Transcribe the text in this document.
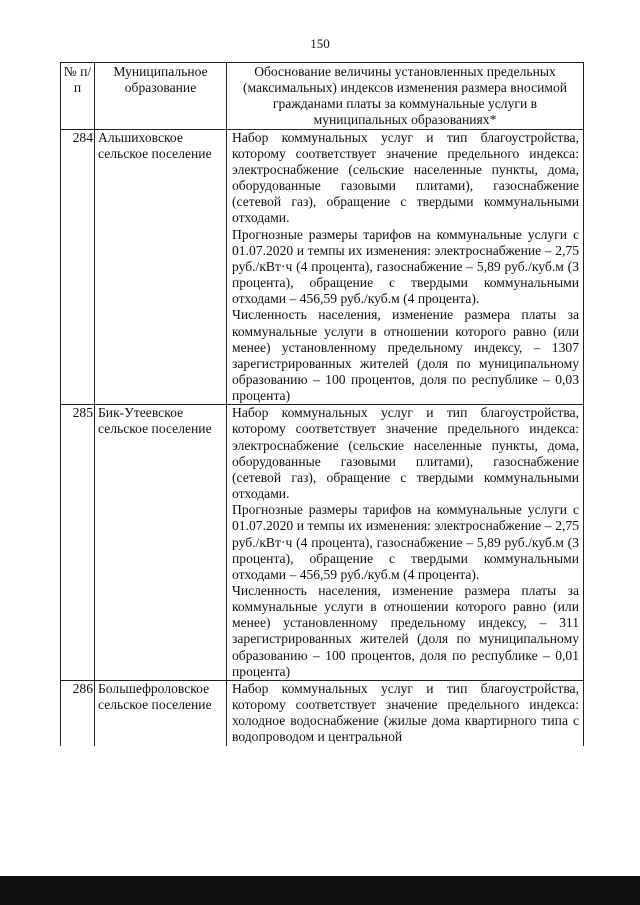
150
№ п/п	Муниципальное образование	Обоснование величины установленных предельных (максимальных) индексов изменения размера вносимой гражданами платы за коммунальные услуги в муниципальных образованиях*
284	Альшиховское сельское поселение	Набор коммунальных услуг и тип благоустройства, которому соответствует значение предельного индекса: электроснабжение (сельские населенные пункты, дома, оборудованные газовыми плитами), газоснабжение (сетевой газ), обращение с твердыми коммунальными отходами.
Прогнозные размеры тарифов на коммунальные услуги с 01.07.2020 и темпы их изменения: электроснабжение – 2,75 руб./кВт·ч (4 процента), газоснабжение – 5,89 руб./куб.м (3 процента), обращение с твердыми коммунальными отходами – 456,59 руб./куб.м (4 процента).
Численность населения, изменение размера платы за коммунальные услуги в отношении которого равно (или менее) установленному предельному индексу, – 1307 зарегистрированных жителей (доля по муниципальному образованию – 100 процентов, доля по республике – 0,03 процента)

285	Бик-Утеевское сельское поселение	Набор коммунальных услуг и тип благоустройства, которому соответствует значение предельного индекса: электроснабжение (сельские населенные пункты, дома, оборудованные газовыми плитами), газоснабжение (сетевой газ), обращение с твердыми коммунальными отходами.
Прогнозные размеры тарифов на коммунальные услуги с 01.07.2020 и темпы их изменения: электроснабжение – 2,75 руб./кВт·ч (4 процента), газоснабжение – 5,89 руб./куб.м (3 процента), обращение с твердыми коммунальными отходами – 456,59 руб./куб.м (4 процента).
Численность населения, изменение размера платы за коммунальные услуги в отношении которого равно (или менее) установленному предельному индексу, – 311 зарегистрированных жителей (доля по муниципальному образованию – 100 процентов, доля по республике – 0,01 процента)

286	Большефроловское сельское поселение	Набор коммунальных услуг и тип благоустройства, которому соответствует значение предельного индекса: холодное водоснабжение (жилые дома квартирного типа с водопроводом и центральной
